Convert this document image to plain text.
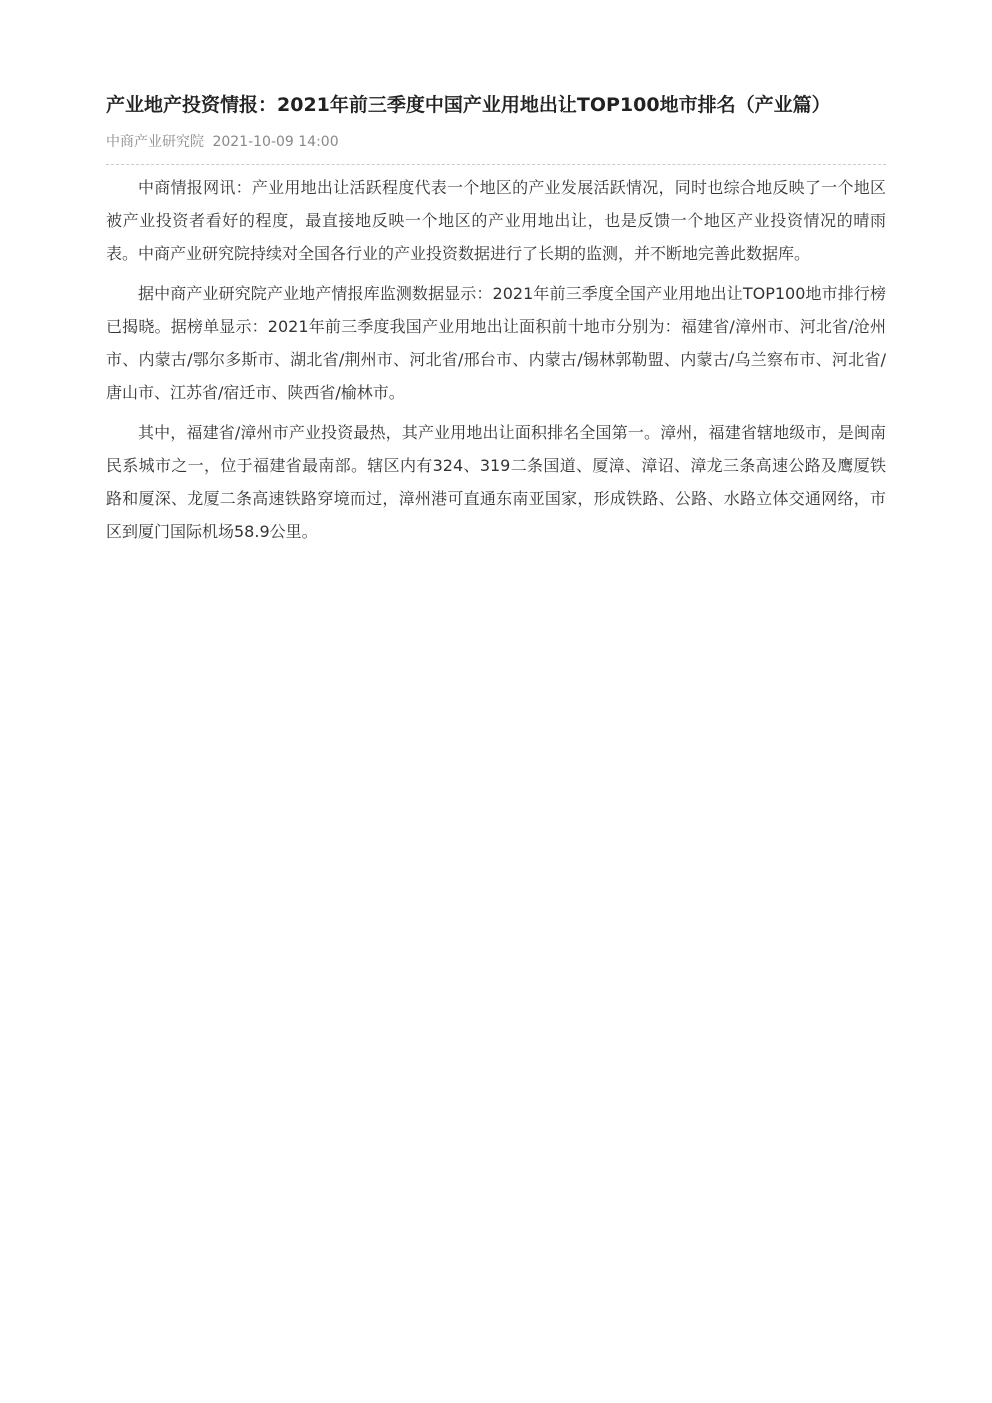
产业地产投资情报：2021年前三季度中国产业用地出让TOP100地市排名（产业篇）
中商产业研究院 2021-10-09 14:00

中商情报网讯：产业用地出让活跃程度代表一个地区的产业发展活跃情况，同时也综合地反映了一个地区被产业投资者看好的程度，最直接地反映一个地区的产业用地出让，也是反馈一个地区产业投资情况的晴雨表。中商产业研究院持续对全国各行业的产业投资数据进行了长期的监测，并不断地完善此数据库。

据中商产业研究院产业地产情报库监测数据显示：2021年前三季度全国产业用地出让TOP100地市排行榜已揭晓。据榜单显示：2021年前三季度我国产业用地出让面积前十地市分别为：福建省/漳州市、河北省/沧州市、内蒙古/鄂尔多斯市、湖北省/荆州市、河北省/邢台市、内蒙古/锡林郭勒盟、内蒙古/乌兰察布市、河北省/唐山市、江苏省/宿迁市、陕西省/榆林市。

其中，福建省/漳州市产业投资最热，其产业用地出让面积排名全国第一。漳州，福建省辖地级市，是闽南民系城市之一，位于福建省最南部。辖区内有324、319二条国道、厦漳、漳诏、漳龙三条高速公路及鹰厦铁路和厦深、龙厦二条高速铁路穿境而过，漳州港可直通东南亚国家，形成铁路、公路、水路立体交通网络，市区到厦门国际机场58.9公里。
